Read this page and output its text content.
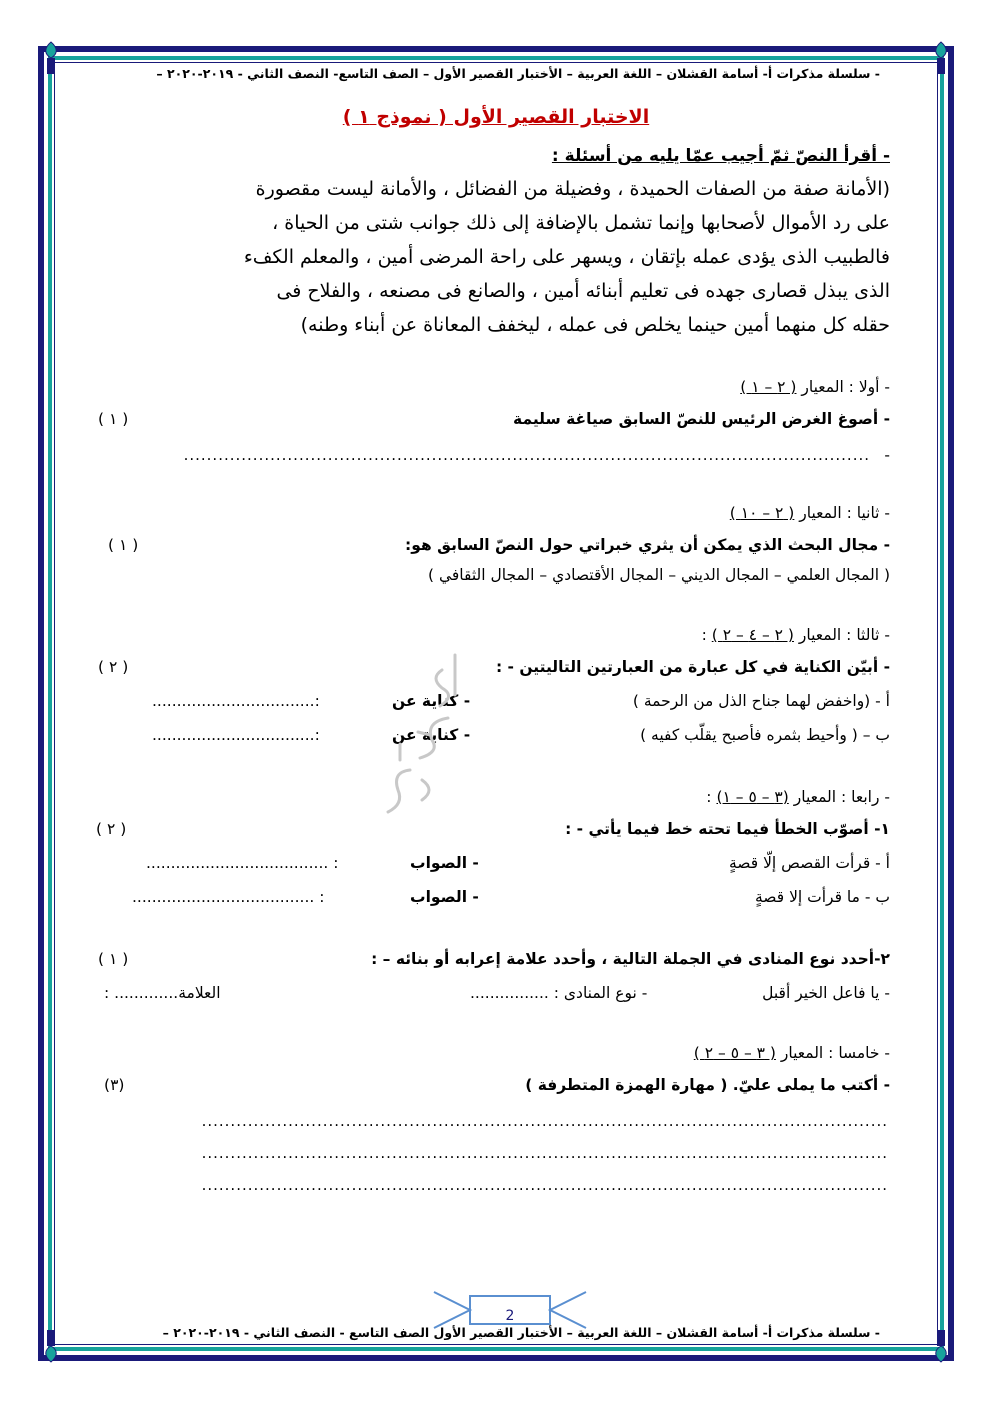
- سلسلة مذكرات أ- أسامة القشلان – اللغة العربية – الأختبار القصير الأول – الصف التاسع- النصف الثاني - ٢٠١٩-٢٠٢٠ –
الاختبار القصير الأول ( نموذج ١ )
- أقرأ النصّ ثمّ أجيب عمّا يليه من أسئلة :

(الأمانة صفة من الصفات الحميدة ، وفضيلة من الفضائل ، والأمانة ليست مقصورة

على رد الأموال لأصحابها وإنما تشمل بالإضافة إلى ذلك جوانب شتى من الحياة ،

فالطبيب الذى يؤدى عمله بإتقان ، ويسهر على راحة المرضى أمين ، والمعلم الكفء

الذى يبذل قصارى جهده فى تعليم أبنائه أمين ، والصانع فى مصنعه ، والفلاح فى

حقله كل منهما أمين حينما يخلص فى عمله ، ليخفف المعاناة عن أبناء وطنه)

- أولا : المعيار ( ٢ – ١ )
- أصوغ الغرض الرئيس للنصّ السابق صياغة سليمة
( ١ )
-
.......................................................................................................................
- ثانيا : المعيار ( ٢ – ١٠ )
- مجال البحث الذي يمكن أن يثري خبراتي حول النصّ السابق هو:
( ١ )
( المجال العلمي – المجال الديني – المجال الأقتصادي – المجال الثقافي )
- ثالثا : المعيار ( ٢ – ٤ – ٢ ) :
- أبيّن الكناية في كل عبارة من العبارتين التاليتين - :
( ٢ )
أ - (واخفض لهما جناح الذل من الرحمة )
- كناية عن
:.................................
ب – ( وأحيط بثمره فأصبح يقلّب كفيه )
- كناية عن
:.................................
- رابعا : المعيار (٣ – ٥ – ١) :
١- أصوّب الخطأ فيما تحته خط فيما يأتي - :
( ٢ )
أ - قرأت القصص إلّا قصةٍ
- الصواب
: .....................................
ب - ما قرأت إلا قصةٍ
- الصواب
: .....................................
٢-أحدد نوع المنادى في الجملة التالية ، وأحدد علامة إعرابه أو بنائه – :
( ١ )
- يا فاعل الخير أقبل
- نوع المنادى : ................
العلامة............. :
- خامسا : المعيار ( ٣ – ٥ – ٢ )
- أكتب ما يملى عليّ. ( مهارة الهمزة المتطرفة )
(٣)
.......................................................................................................................
.......................................................................................................................
.......................................................................................................................
2
- سلسلة مذكرات أ- أسامة القشلان – اللغة العربية – الأختبار القصير الأول الصف التاسع - النصف الثاني - ٢٠١٩-٢٠٢٠ –
